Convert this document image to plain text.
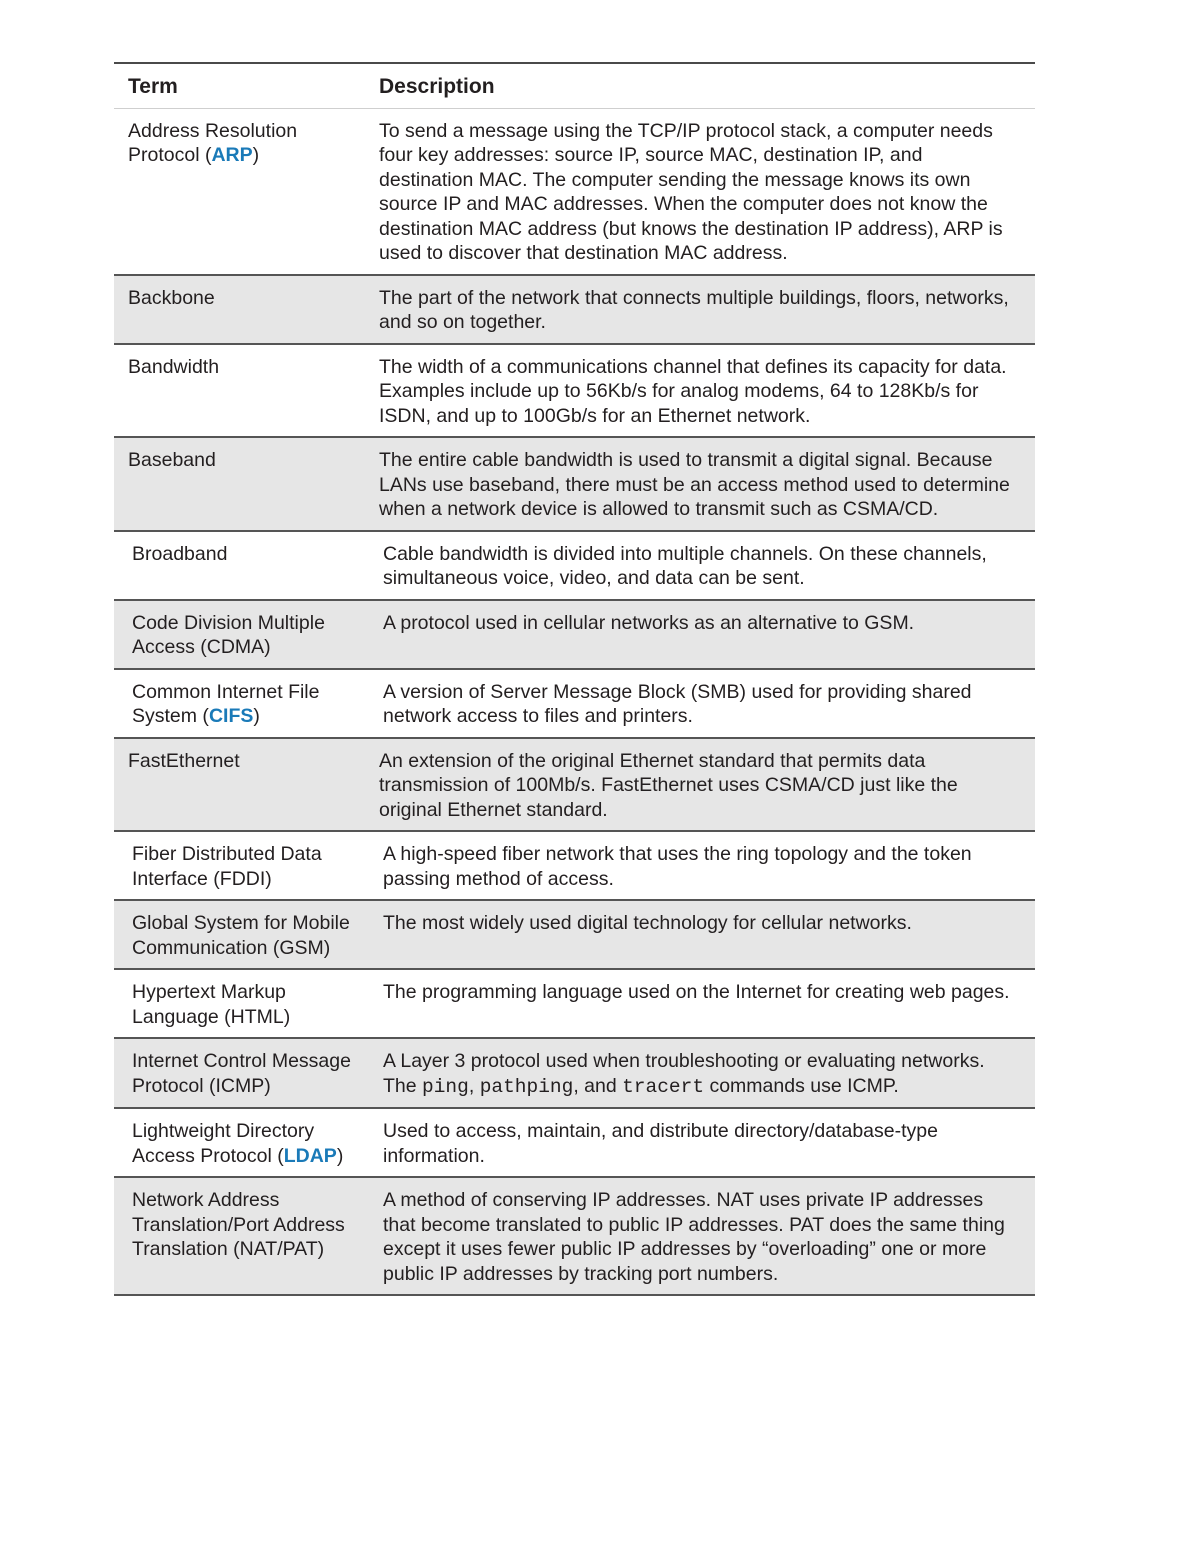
Term	Description
Address Resolution Protocol (ARP)	To send a message using the TCP/IP protocol stack, a computer needs four key addresses: source IP, source MAC, destination IP, and destination MAC. The computer sending the message knows its own source IP and MAC addresses. When the computer does not know the destination MAC address (but knows the destination IP address), ARP is used to discover that destination MAC address.
Backbone	The part of the network that connects multiple buildings, floors, networks, and so on together.
Bandwidth	The width of a communications channel that defines its capacity for data. Examples include up to 56Kb/s for analog modems, 64 to 128Kb/s for ISDN, and up to 100Gb/s for an Ethernet network.
Baseband	The entire cable bandwidth is used to transmit a digital signal. Because LANs use baseband, there must be an access method used to determine when a network device is allowed to transmit such as CSMA/CD.
Broadband	Cable bandwidth is divided into multiple channels. On these channels, simultaneous voice, video, and data can be sent.
Code Division Multiple Access (CDMA)	A protocol used in cellular networks as an alternative to GSM.
Common Internet File System (CIFS)	A version of Server Message Block (SMB) used for providing shared network access to files and printers.
FastEthernet	An extension of the original Ethernet standard that permits data transmission of 100Mb/s. FastEthernet uses CSMA/CD just like the original Ethernet standard.
Fiber Distributed Data Interface (FDDI)	A high-speed fiber network that uses the ring topology and the token passing method of access.
Global System for Mobile Communication (GSM)	The most widely used digital technology for cellular networks.
Hypertext Markup Language (HTML)	The programming language used on the Internet for creating web pages.
Internet Control Message Protocol (ICMP)	A Layer 3 protocol used when troubleshooting or evaluating networks. The ping, pathping, and tracert commands use ICMP.
Lightweight Directory Access Protocol (LDAP)	Used to access, maintain, and distribute directory/database-type information.
Network Address Translation/Port Address Translation (NAT/PAT)	A method of conserving IP addresses. NAT uses private IP addresses that become translated to public IP addresses. PAT does the same thing except it uses fewer public IP addresses by “overloading” one or more public IP addresses by tracking port numbers.
